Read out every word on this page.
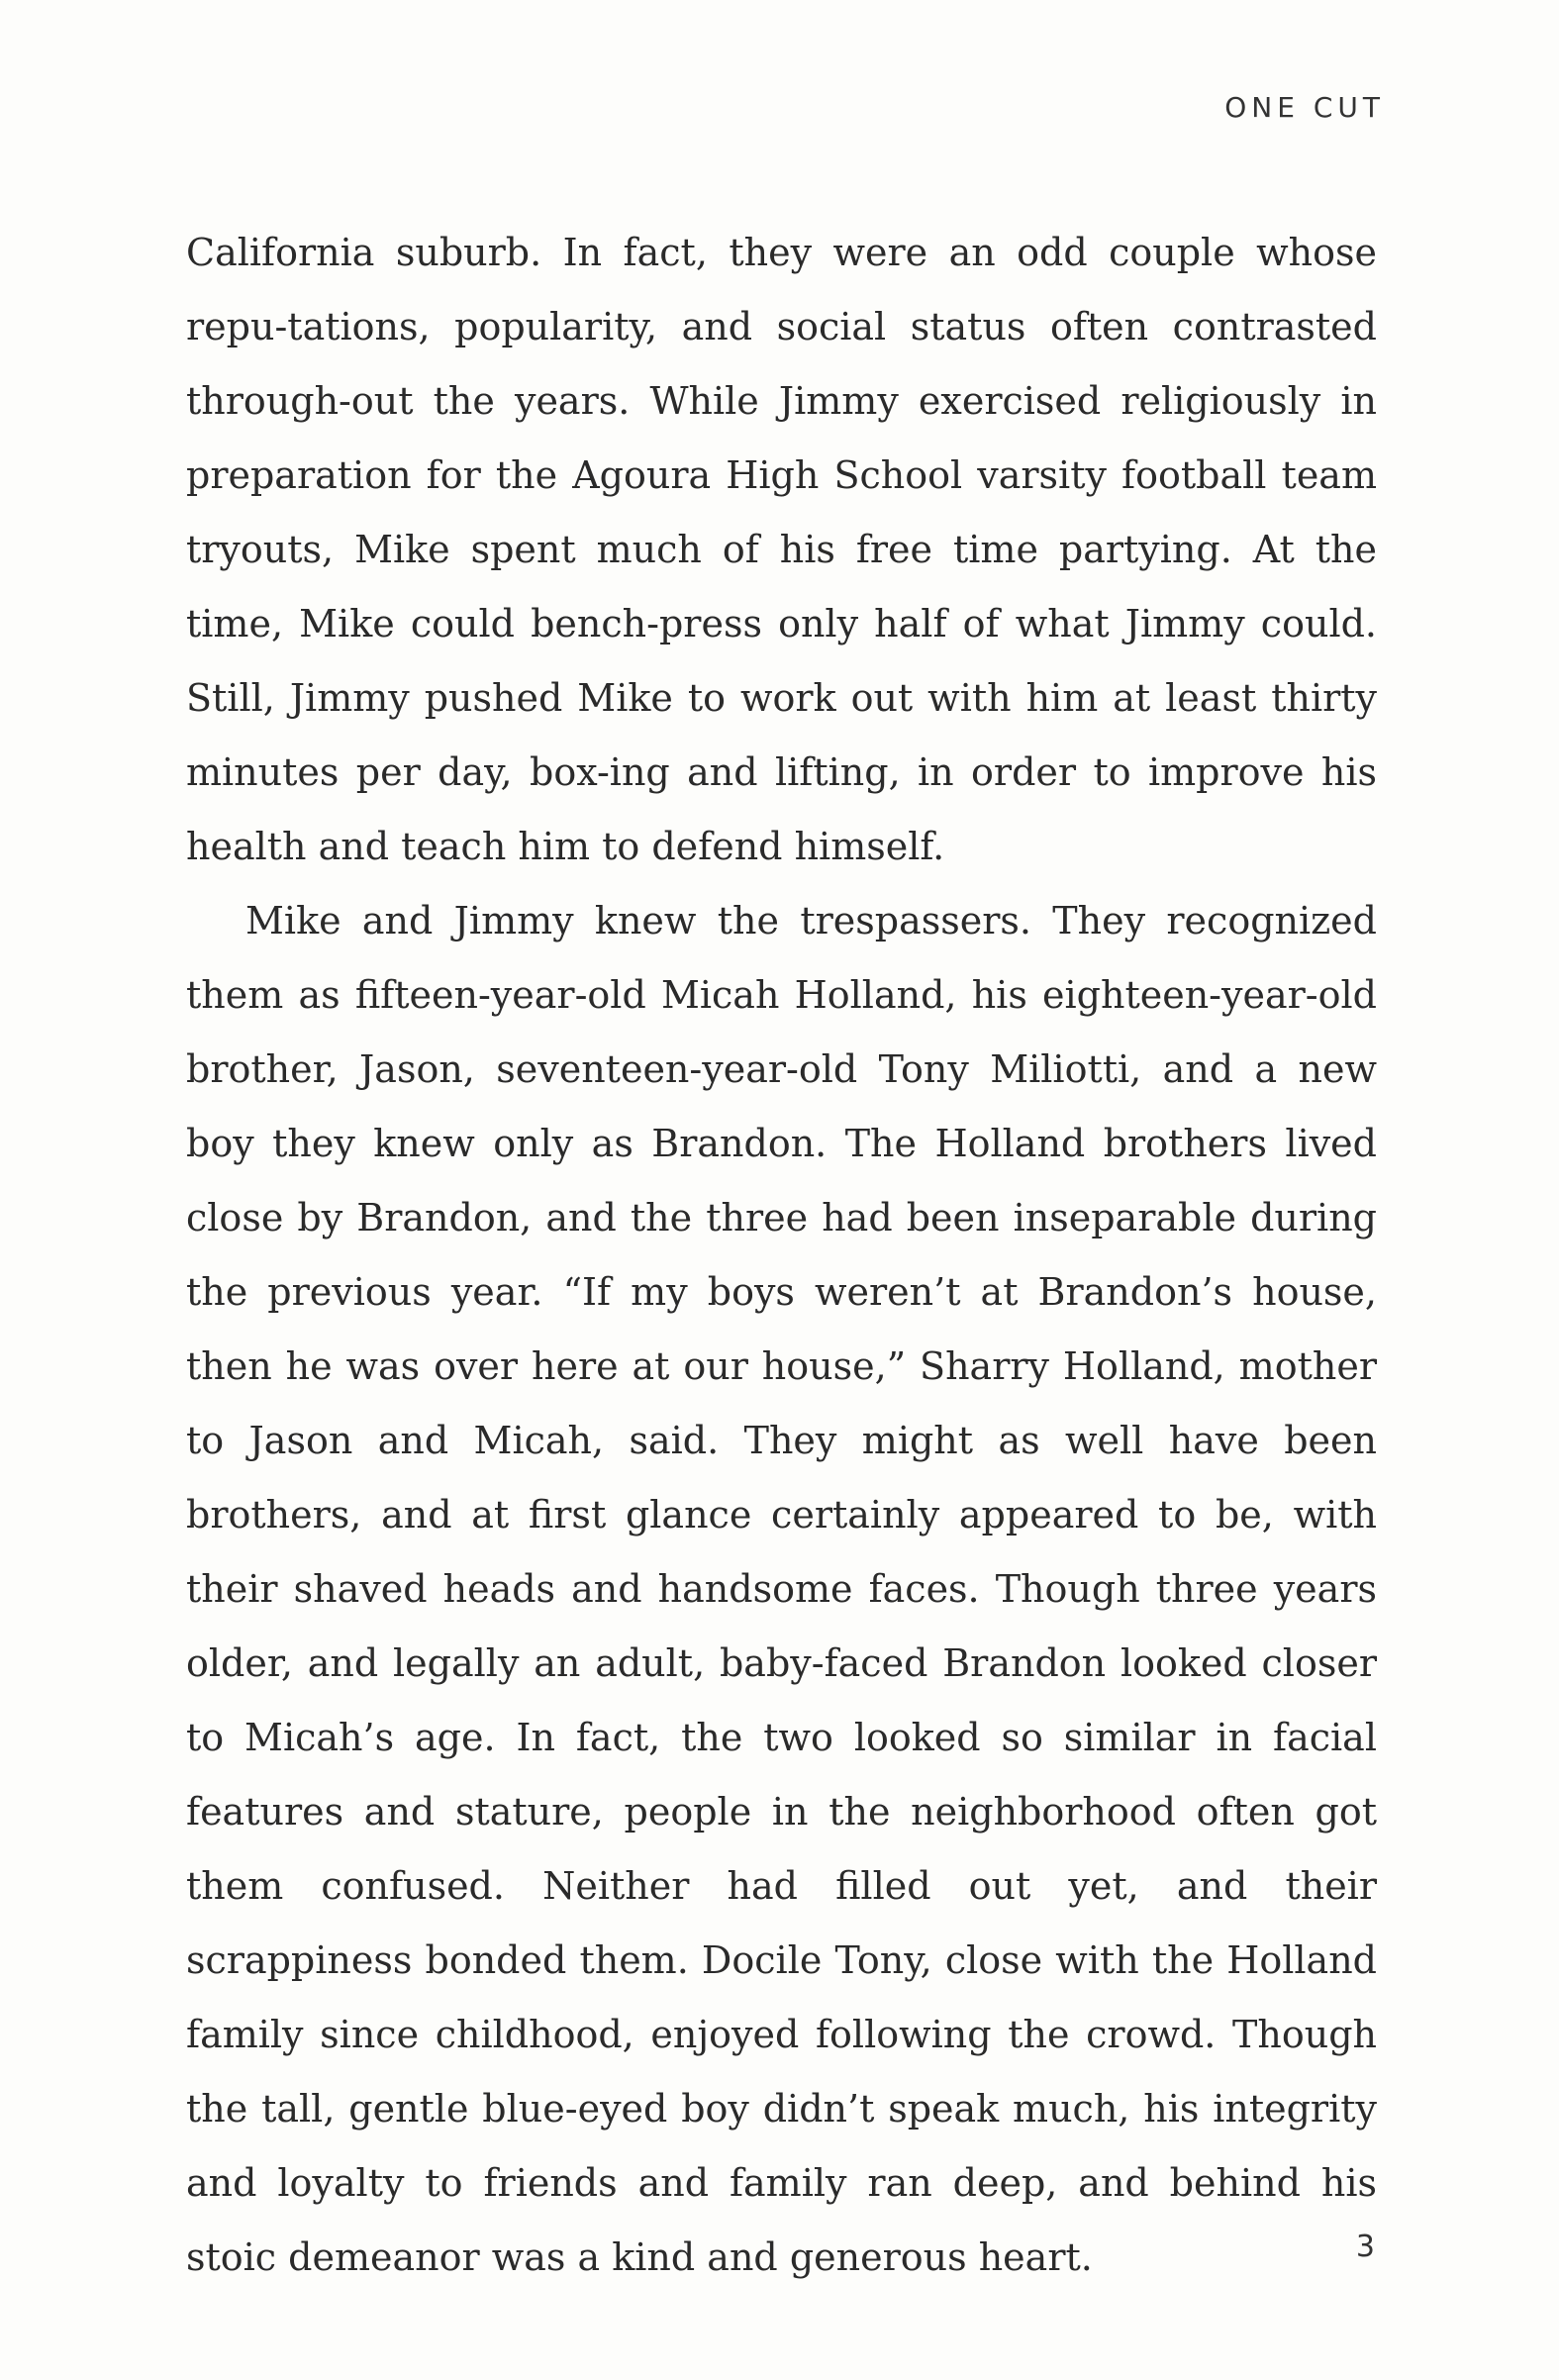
ONE CUT

California suburb. In fact, they were an odd couple whose repu-tations, popularity, and social status often contrasted through-out the years. While Jimmy exercised religiously in preparation for the Agoura High School varsity football team tryouts, Mike spent much of his free time partying. At the time, Mike could bench-press only half of what Jimmy could. Still, Jimmy pushed Mike to work out with him at least thirty minutes per day, box-ing and lifting, in order to improve his health and teach him to defend himself.

Mike and Jimmy knew the trespassers. They recognized them as fifteen-year-old Micah Holland, his eighteen-year-old brother, Jason, seventeen-year-old Tony Miliotti, and a new boy they knew only as Brandon. The Holland brothers lived close by Brandon, and the three had been inseparable during the previous year. “If my boys weren’t at Brandon’s house, then he was over here at our house,” Sharry Holland, mother to Jason and Micah, said. They might as well have been brothers, and at first glance certainly appeared to be, with their shaved heads and handsome faces. Though three years older, and legally an adult, baby-faced Brandon looked closer to Micah’s age. In fact, the two looked so similar in facial features and stature, people in the neighborhood often got them confused. Neither had filled out yet, and their scrappiness bonded them. Docile Tony, close with the Holland family since childhood, enjoyed following the crowd. Though the tall, gentle blue-eyed boy didn’t speak much, his integrity and loyalty to friends and family ran deep, and behind his stoic demeanor was a kind and generous heart.	3
